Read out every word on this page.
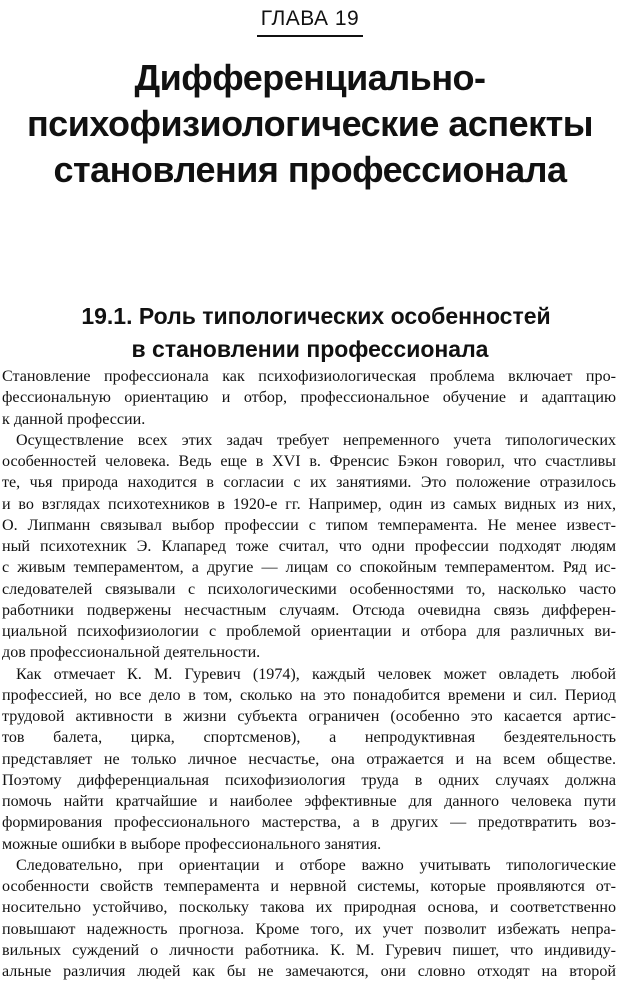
ГЛАВА 19
Дифференциально-
психофизиологические аспекты
становления профессионала
19.1. Роль типологических особенностей
в становлении профессионала
Становление профессионала как психофизиологическая проблема включает про-
фессиональную ориентацию и отбор, профессиональное обучение и адаптацию
к данной профессии.
Осуществление всех этих задач требует непременного учета типологических
особенностей человека. Ведь еще в XVI в. Френсис Бэкон говорил, что счастливы
те, чья природа находится в согласии с их занятиями. Это положение отразилось
и во взглядах психотехников в 1920-е гг. Например, один из самых видных из них,
О. Липманн связывал выбор профессии с типом темперамента. Не менее извест-
ный психотехник Э. Клапаред тоже считал, что одни профессии подходят людям
с живым темпераментом, а другие — лицам со спокойным темпераментом. Ряд ис-
следователей связывали с психологическими особенностями то, насколько часто
работники подвержены несчастным случаям. Отсюда очевидна связь дифферен-
циальной психофизиологии с проблемой ориентации и отбора для различных ви-
дов профессиональной деятельности.
Как отмечает К. М. Гуревич (1974), каждый человек может овладеть любой
профессией, но все дело в том, сколько на это понадобится времени и сил. Период
трудовой активности в жизни субъекта ограничен (особенно это касается артис-
тов балета, цирка, спортсменов), а непродуктивная бездеятельность
представляет не только личное несчастье, она отражается и на всем обществе.
Поэтому дифференциальная психофизиология труда в одних случаях должна
помочь найти кратчайшие и наиболее эффективные для данного человека пути
формирования профессионального мастерства, а в других — предотвратить воз-
можные ошибки в выборе профессионального занятия.
Следовательно, при ориентации и отборе важно учитывать типологические
особенности свойств темперамента и нервной системы, которые проявляются от-
носительно устойчиво, поскольку такова их природная основа, и соответственно
повышают надежность прогноза. Кроме того, их учет позволит избежать непра-
вильных суждений о личности работника. К. М. Гуревич пишет, что индивиду-
альные различия людей как бы не замечаются, они словно отходят на второй
